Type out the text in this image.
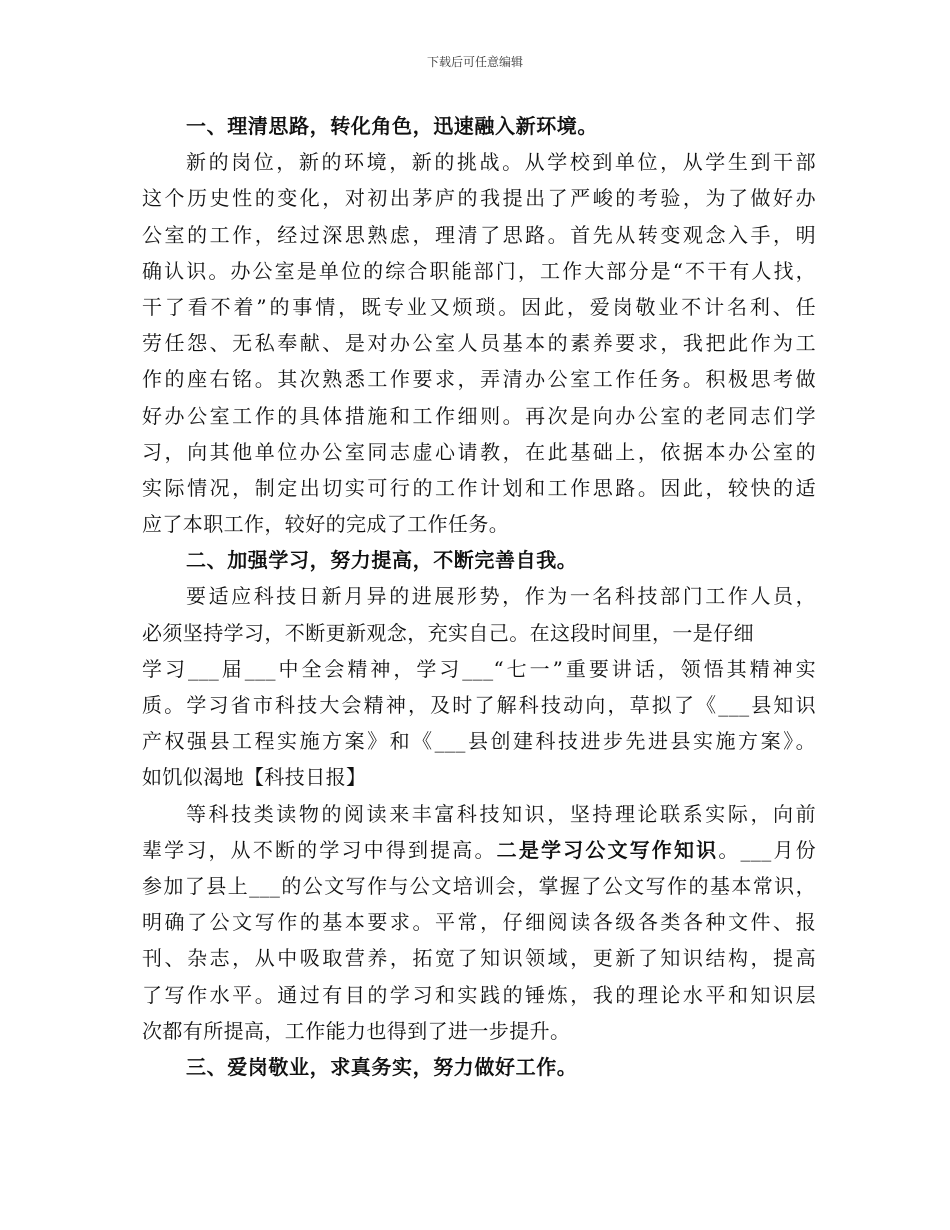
下载后可任意编辑
一、理清思路，转化角色，迅速融入新环境。
新的岗位，新的环境，新的挑战。从学校到单位，从学生到干部
这个历史性的变化，对初出茅庐的我提出了严峻的考验，为了做好办
公室的工作，经过深思熟虑，理清了思路。首先从转变观念入手，明
确认识。办公室是单位的综合职能部门，工作大部分是“不干有人找，
干了看不着”的事情，既专业又烦琐。因此，爱岗敬业不计名利、任
劳任怨、无私奉献、是对办公室人员基本的素养要求，我把此作为工
作的座右铭。其次熟悉工作要求，弄清办公室工作任务。积极思考做
好办公室工作的具体措施和工作细则。再次是向办公室的老同志们学
习，向其他单位办公室同志虚心请教，在此基础上，依据本办公室的
实际情况，制定出切实可行的工作计划和工作思路。因此，较快的适
应了本职工作，较好的完成了工作任务。
二、加强学习，努力提高，不断完善自我。
要适应科技日新月异的进展形势，作为一名科技部门工作人员，
必须坚持学习，不断更新观念，充实自己。在这段时间里，一是仔细
学习___届___中全会精神，学习___“七一”重要讲话，领悟其精神实
质。学习省市科技大会精神，及时了解科技动向，草拟了《___县知识
产权强县工程实施方案》和《___县创建科技进步先进县实施方案》。
如饥似渴地【科技日报】
等科技类读物的阅读来丰富科技知识，坚持理论联系实际，向前
辈学习，从不断的学习中得到提高。二是学习公文写作知识。___月份
参加了县上___的公文写作与公文培训会，掌握了公文写作的基本常识，
明确了公文写作的基本要求。平常，仔细阅读各级各类各种文件、报
刊、杂志，从中吸取营养，拓宽了知识领域，更新了知识结构，提高
了写作水平。通过有目的学习和实践的锤炼，我的理论水平和知识层
次都有所提高，工作能力也得到了进一步提升。
三、爱岗敬业，求真务实，努力做好工作。
